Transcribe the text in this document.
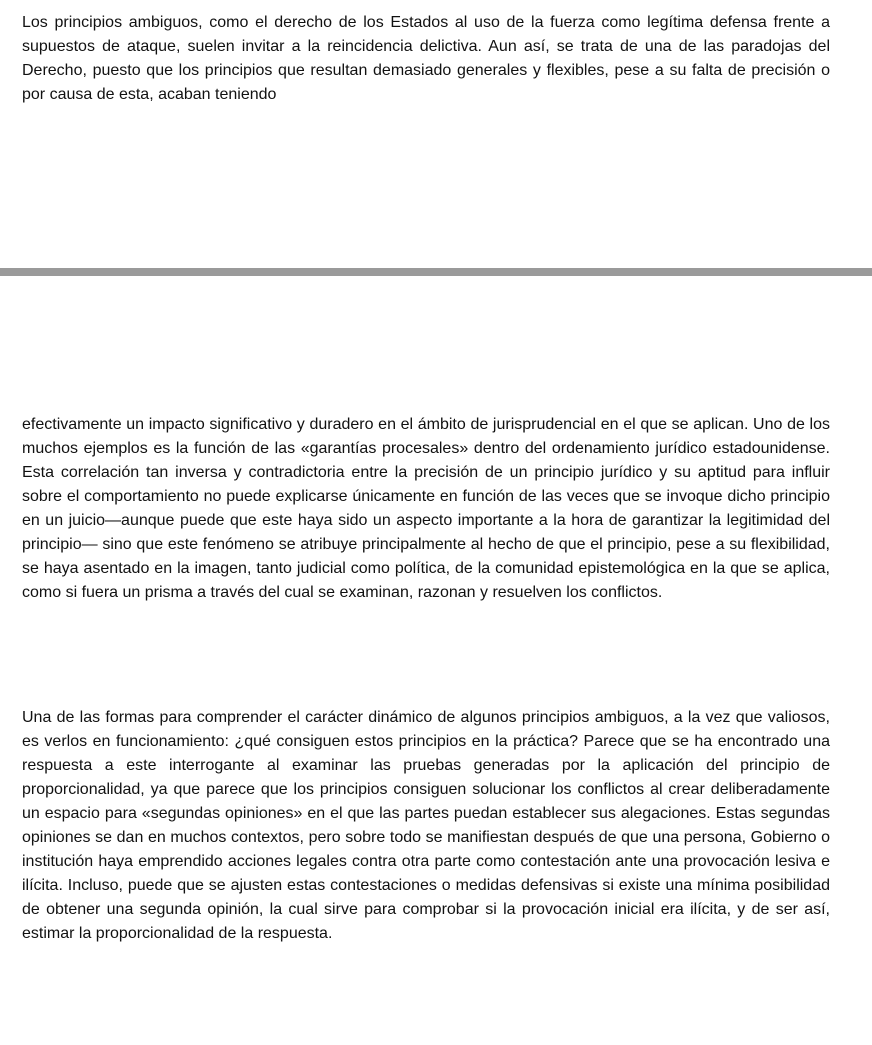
Los principios ambiguos, como el derecho de los Estados al uso de la fuerza como legítima defensa frente a supuestos de ataque, suelen invitar a la reincidencia delictiva. Aun así, se trata de una de las paradojas del Derecho, puesto que los principios que resultan demasiado generales y flexibles, pese a su falta de precisión o por causa de esta, acaban teniendo

efectivamente un impacto significativo y duradero en el ámbito de jurisprudencial en el que se aplican. Uno de los muchos ejemplos es la función de las «garantías procesales» dentro del ordenamiento jurídico estadounidense. Esta correlación tan inversa y contradictoria entre la precisión de un principio jurídico y su aptitud para influir sobre el comportamiento no puede explicarse únicamente en función de las veces que se invoque dicho principio en un juicio—aunque puede que este haya sido un aspecto importante a la hora de garantizar la legitimidad del principio— sino que este fenómeno se atribuye principalmente al hecho de que el principio, pese a su flexibilidad, se haya asentado en la imagen, tanto judicial como política, de la comunidad epistemológica en la que se aplica, como si fuera un prisma a través del cual se examinan, razonan y resuelven los conflictos.

Una de las formas para comprender el carácter dinámico de algunos principios ambiguos, a la vez que valiosos, es verlos en funcionamiento: ¿qué consiguen estos principios en la práctica? Parece que se ha encontrado una respuesta a este interrogante al examinar las pruebas generadas por la aplicación del principio de proporcionalidad, ya que parece que los principios consiguen solucionar los conflictos al crear deliberadamente un espacio para «segundas opiniones» en el que las partes puedan establecer sus alegaciones. Estas segundas opiniones se dan en muchos contextos, pero sobre todo se manifiestan después de que una persona, Gobierno o institución haya emprendido acciones legales contra otra parte como contestación ante una provocación lesiva e ilícita. Incluso, puede que se ajusten estas contestaciones o medidas defensivas si existe una mínima posibilidad de obtener una segunda opinión, la cual sirve para comprobar si la provocación inicial era ilícita, y de ser así, estimar la proporcionalidad de la respuesta.
